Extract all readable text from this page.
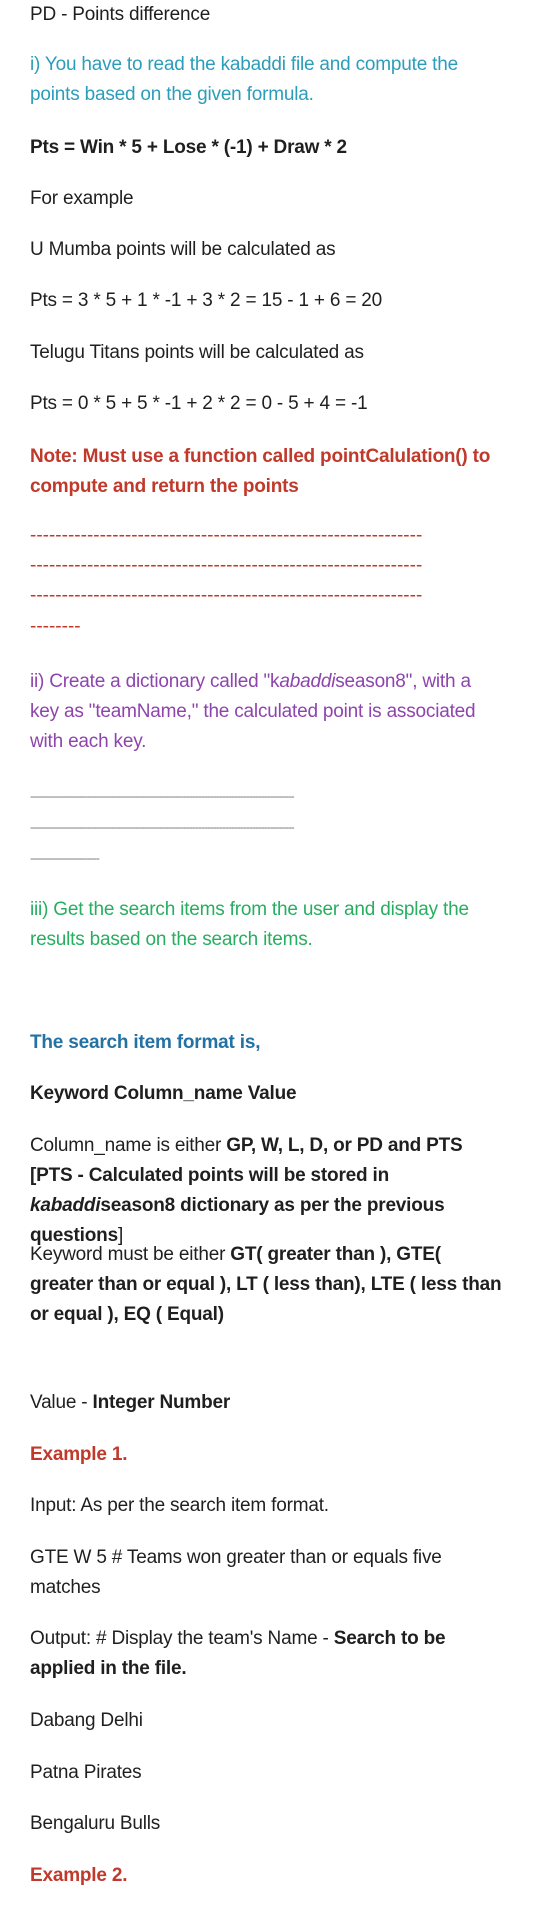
PD - Points difference
i) You have to read the kabaddi file and compute the points based on the given formula.
Pts = Win * 5 + Lose * (-1) + Draw * 2
For example
U Mumba points will be calculated as
Pts = 3 * 5 + 1 * -1 + 3 * 2 = 15 - 1 + 6 = 20
Telugu Titans points will be calculated as
Pts = 0 * 5 + 5 * -1 + 2 * 2 = 0 - 5 + 4 = -1
Note: Must use a function called pointCalulation() to compute and return the points
--------------------------------------------------------------
--------------------------------------------------------------
--------------------------------------------------------------
--------
ii) Create a dictionary called "kabaddiseason8", with a key as "teamName," the calculated point is associated with each key.
----------------------------------------------------------------------------------------
----------------------------------------------------------------------------------------
-----------------------
iii) Get the search items from the user and display the results based on the search items.
The search item format is,
Keyword Column_name Value
Column_name is either GP, W, L, D, or PD and PTS [PTS - Calculated points will be stored in kabaddiseason8 dictionary as per the previous questions]
Keyword must be either GT( greater than ), GTE( greater than or equal ), LT ( less than), LTE ( less than or equal ), EQ ( Equal)
Value - Integer Number
Example 1.
Input: As per the search item format.
GTE W 5 # Teams won greater than or equals five matches
Output: # Display the team's Name - Search to be applied in the file.
Dabang Delhi
Patna Pirates
Bengaluru Bulls
Example 2.
